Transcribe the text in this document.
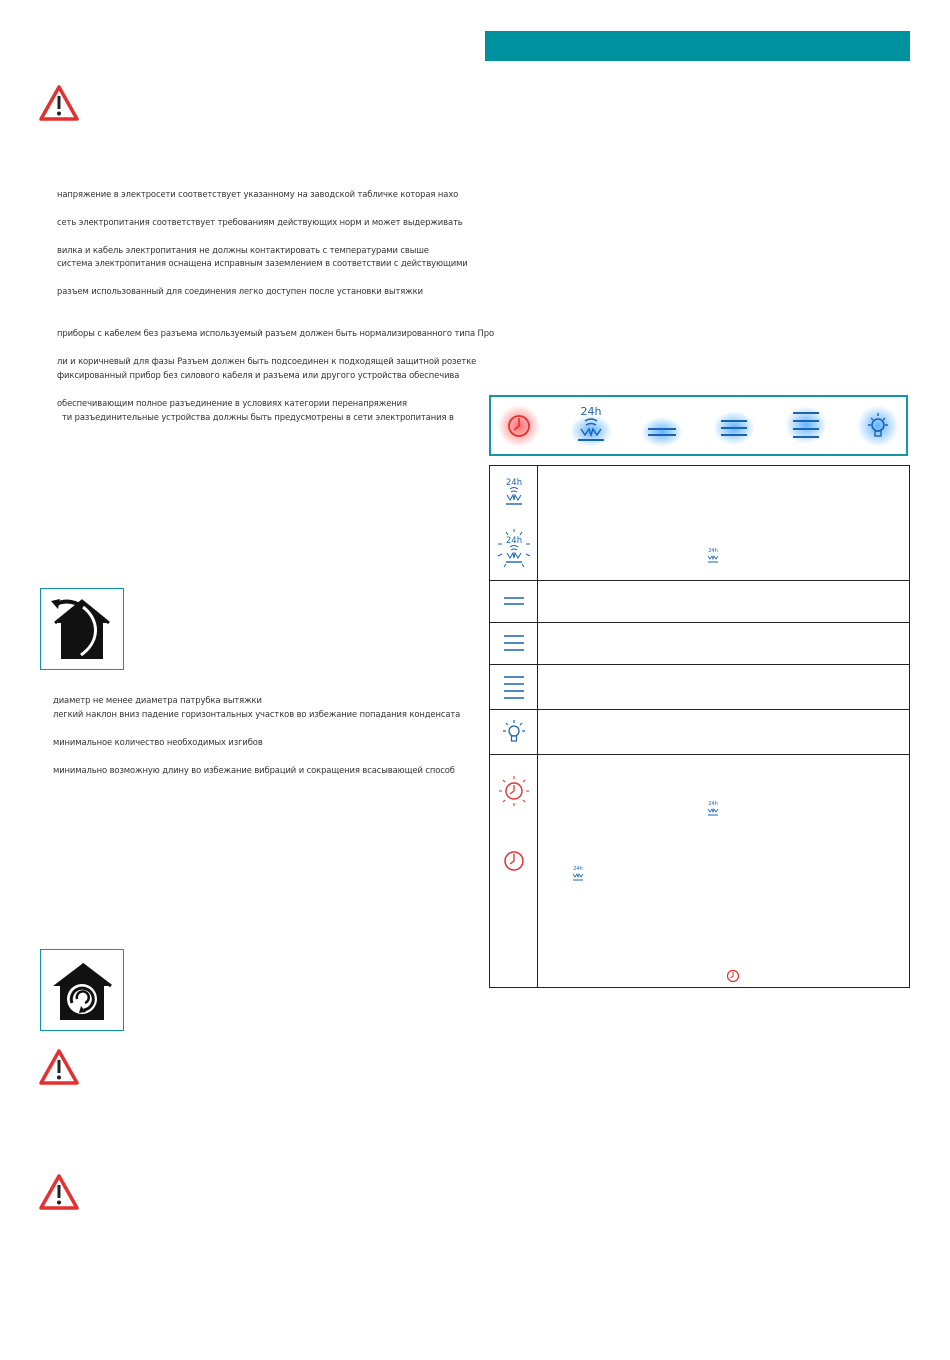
напряжение в электросети соответствует указанному на заводской табличке которая нахо
сеть электропитания соответствует требованиям действующих норм и может выдерживать
вилка и кабель электропитания не должны контактировать с температурами свыше
система электропитания оснащена исправным заземлением в соответствии с действующими
разъем использованный для соединения легко доступен после установки вытяжки
приборы с кабелем без разъема используемый разъем должен быть нормализированного типа Про
ли и коричневый для фазы Разъем должен быть подсоединен к подходящей защитной розетке
фиксированный прибор без силового кабеля и разъема или другого устройства обеспечива
обеспечивающим полное разъединение в условиях категории перенапряжения
ти разъединительные устройства должны быть предусмотрены в сети электропитания в
диаметр не менее диаметра патрубка вытяжки
легкий наклон вниз падение горизонтальных участков во избежание попадания конденсата
минимальное количество необходимых изгибов
минимально возможную длину во избежание вибраций и сокращения всасывающей способ
24h
24h
24h	24h

24h
24h
